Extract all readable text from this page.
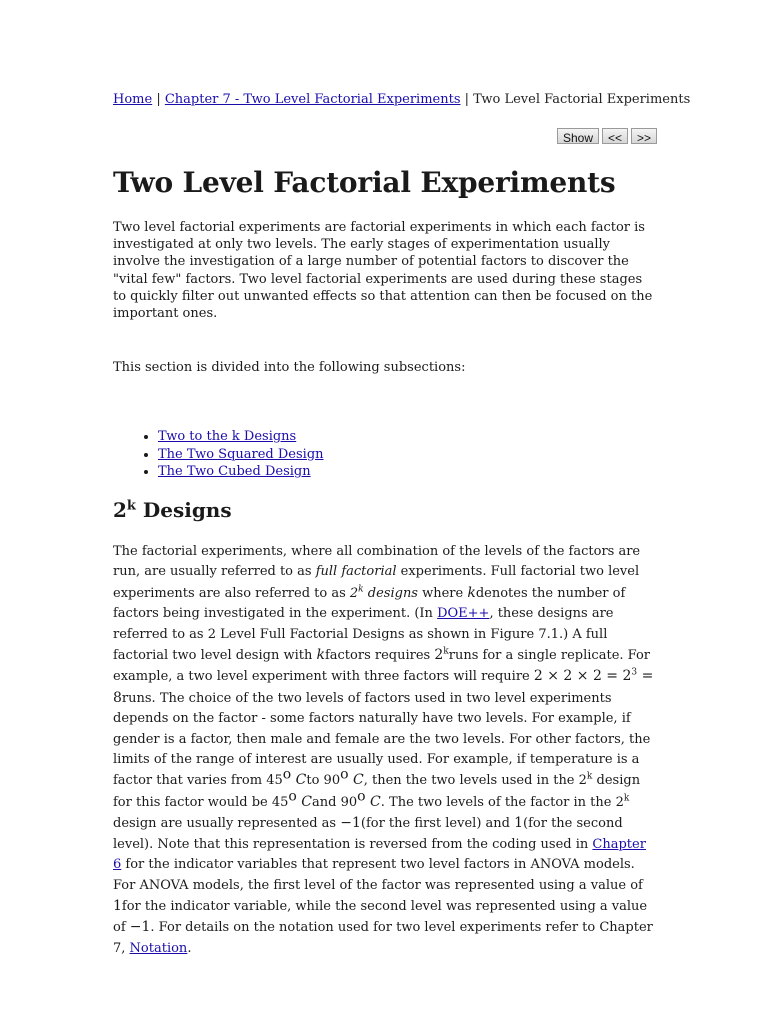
Home | Chapter 7 - Two Level Factorial Experiments | Two Level Factorial Experiments
Show	<<	>>
Two Level Factorial Experiments

Two level factorial experiments are factorial experiments in which each factor is investigated at only two levels. The early stages of experimentation usually involve the investigation of a large number of potential factors to discover the "vital few" factors. Two level factorial experiments are used during these stages to quickly filter out unwanted effects so that attention can then be focused on the important ones.

This section is divided into the following subsections:

• Two to the k Designs
• The Two Squared Design
• The Two Cubed Design
2$^k$ Designs

The factorial experiments, where all combination of the levels of the factors are run, are usually referred to as full factorial experiments. Full factorial two level experiments are also referred to as 2$^k$ designs where kdenotes the number of factors being investigated in the experiment. (In DOE++, these designs are referred to as 2 Level Full Factorial Designs as shown in Figure 7.1.) A full factorial two level design with kfactors requires 2$^k$runs for a single replicate. For example, a two level experiment with three factors will require $2 \times 2 \times 2 = 2^3$ = 8runs. The choice of the two levels of factors used in two level experiments depends on the factor - some factors naturally have two levels. For example, if gender is a factor, then male and female are the two levels. For other factors, the limits of the range of interest are usually used. For example, if temperature is a factor that varies from 45$^o$ Cto 90$^o$ C, then the two levels used in the 2$^k$ design for this factor would be 45$^o$ Cand 90$^o$ C. The two levels of the factor in the 2$^k$ design are usually represented as −1(for the first level) and 1(for the second level). Note that this representation is reversed from the coding used in Chapter 6 for the indicator variables that represent two level factors in ANOVA models. For ANOVA models, the first level of the factor was represented using a value of 1for the indicator variable, while the second level was represented using a value of −1. For details on the notation used for two level experiments refer to Chapter 7, Notation.
